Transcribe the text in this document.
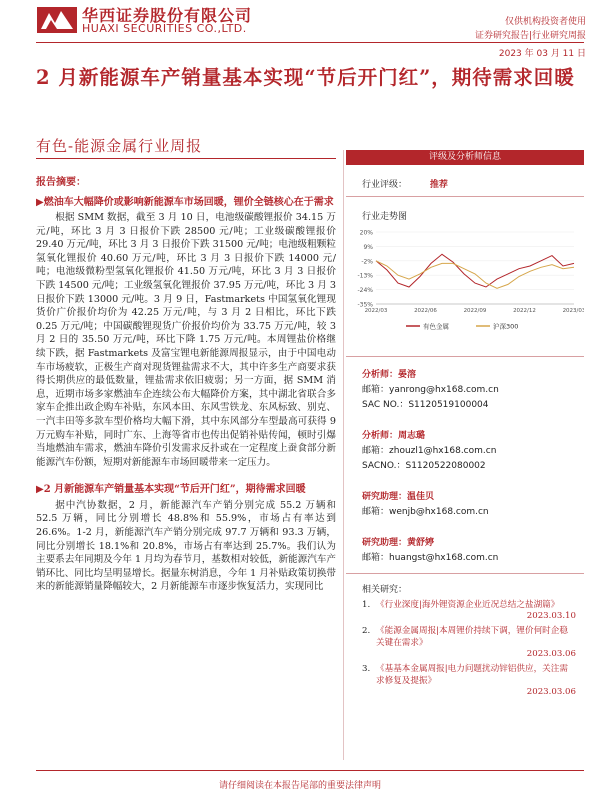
华西证券股份有限公司
HUAXI SECURITIES CO.,LTD.	仅供机构投资者使用
证券研究报告|行业研究周报
2023 年 03 月 11 日
2 月新能源车产销量基本实现“节后开门红”，期待需求回暖
有色-能源金属行业周报
报告摘要：
▶燃油车大幅降价或影响新能源车市场回暖，锂价全链核心在于需求
根据 SMM 数据，截至 3 月 10 日，电池级碳酸锂报价 34.15 万元/吨，环比 3 月 3 日报价下跌 28500 元/吨；工业级碳酸锂报价 29.40 万元/吨，环比 3 月 3 日报价下跌 31500 元/吨；电池级粗颗粒氢氧化锂报价 40.60 万元/吨，环比 3 月 3 日报价下跌 14000 元/吨；电池级微粉型氢氧化锂报价 41.50 万元/吨，环比 3 月 3 日报价下跌 14500 元/吨；工业级氢氧化锂报价 37.95 万元/吨，环比 3 月 3 日报价下跌 13000 元/吨。3 月 9 日，Fastmarkets 中国氢氧化锂现货价广价报价均价为 42.25 万元/吨，与 3 月 2 日相比，环比下跌 0.25 万元/吨；中国碳酸锂现货广价报价均价为 33.75 万元/吨，较 3 月 2 日的 35.50 万元/吨，环比下降 1.75 万元/吨。本周锂盐价格继续下跌，据 Fastmarkets 及富宝锂电新能源周报显示，由于中国电动车市场疲软，正极生产商对现货锂盐需求不大，其中许多生产商要求获得长期供应的最低数量，锂盐需求依旧疲弱；另一方面，据 SMM 消息，近期市场多家燃油车企连续公布大幅降价方案，其中湖北省联合多家车企推出政企购车补贴，东风本田、东风雪铁龙、东风标致、别克、一汽丰田等多款车型价格均大幅下滑，其中东风部分车型最高可获得 9 万元购车补贴，同时广东、上海等省市也传出促销补贴传闻，顿时引爆当地燃油车需求，燃油车降价引发需求反扑或在一定程度上蚕食部分新能源汽车份额，短期对新能源车市场回暖带来一定压力。
▶2 月新能源车产销量基本实现“节后开门红”，期待需求回暖
据中汽协数据，2 月，新能源汽车产销分别完成 55.2 万辆和 52.5 万辆，同比分别增长 48.8%和 55.9%，市场占有率达到 26.6%。1-2 月，新能源汽车产销分别完成 97.7 万辆和 93.3 万辆，同比分别增长 18.1%和 20.8%，市场占有率达到 25.7%。我们认为主要系去年同期及今年 1 月均为春节月，基数相对较低，新能源汽车产销环比、同比均呈明显增长。据量东树消息，今年 1 月补贴政策切换带来的新能源销量降幅较大，2 月新能源车市逐步恢复活力，实现同比
评级及分析师信息
行业评级：	推荐
行业走势图
20%
9%
-2%
-13%
-24%
-35%
2022/03	2022/06	2022/09	2022/12	2023/03
有色金属	沪深300
分析师：晏溶
邮箱：yanrong@hx168.com.cn
SAC NO.：S1120519100004
分析师：周志璐
邮箱：zhouzl1@hx168.com.cn
SACNO.：S1120522080002
研究助理：温佳贝
邮箱：wenjb@hx168.com.cn
研究助理：黄舒婷
邮箱：huangst@hx168.com.cn
相关研究：
1. 《行业深度|海外锂资源企业近况总结之盐湖篇》
2023.03.10
2. 《能源金属周报|本周锂价持续下调，锂价何时企稳关键在需求》
2023.03.06
3. 《基基本金属周报|电力问题扰动锌铝供应，关注需求修复及提振》
2023.03.06
请仔细阅读在本报告尾部的重要法律声明
